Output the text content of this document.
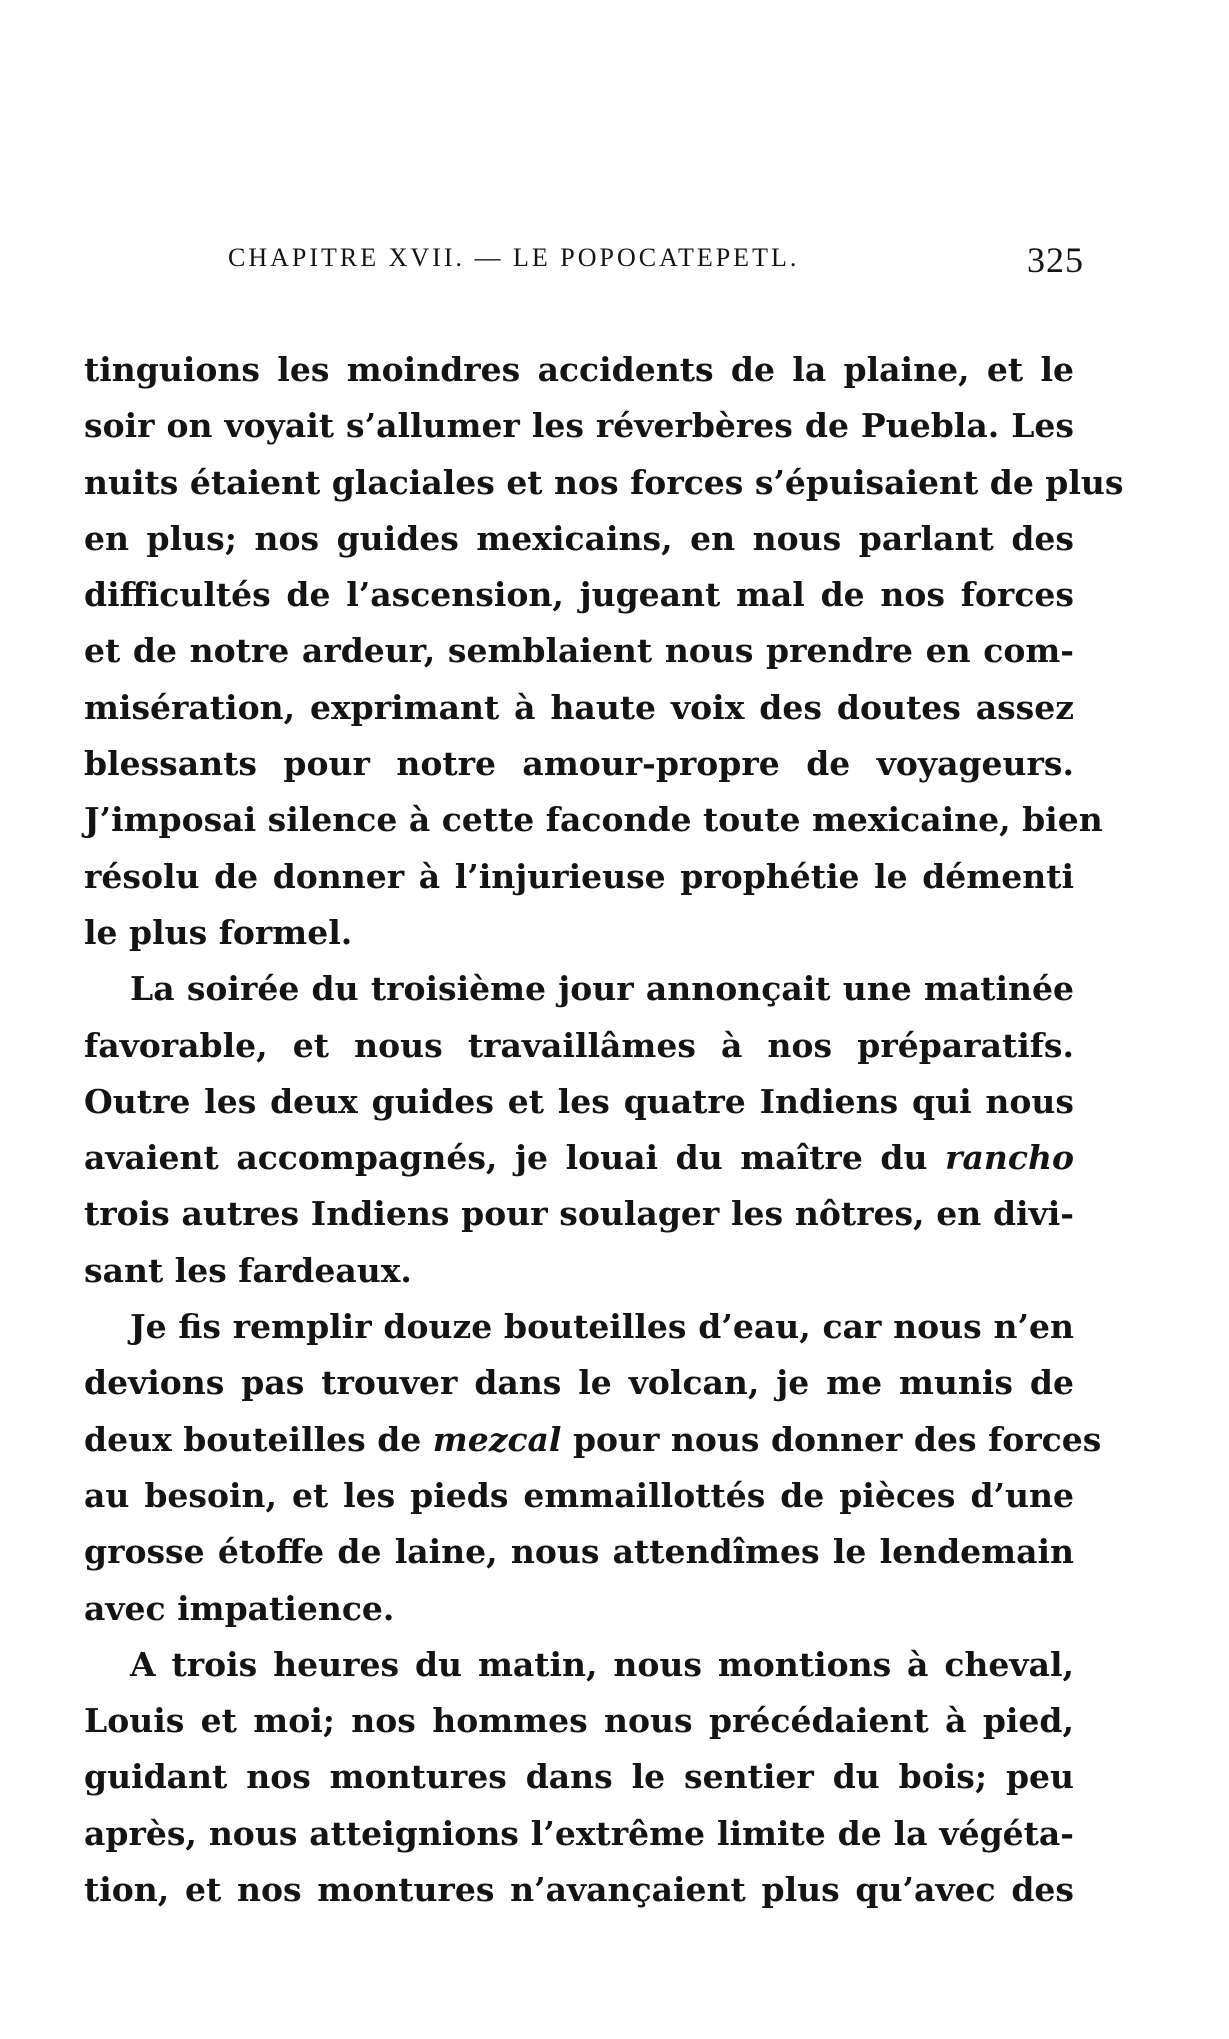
CHAPITRE XVII. — LE POPOCATEPETL.	325
tinguions les moindres accidents de la plaine, et le
soir on voyait s’allumer les réverbères de Puebla. Les
nuits étaient glaciales et nos forces s’épuisaient de plus
en plus; nos guides mexicains, en nous parlant des
difficultés de l’ascension, jugeant mal de nos forces
et de notre ardeur, semblaient nous prendre en com-
misération, exprimant à haute voix des doutes assez
blessants pour notre amour-propre de voyageurs.
J’imposai silence à cette faconde toute mexicaine, bien
résolu de donner à l’injurieuse prophétie le démenti
le plus formel.
La soirée du troisième jour annonçait une matinée
favorable, et nous travaillâmes à nos préparatifs.
Outre les deux guides et les quatre Indiens qui nous
avaient accompagnés, je louai du maître du rancho
trois autres Indiens pour soulager les nôtres, en divi-
sant les fardeaux.
Je fis remplir douze bouteilles d’eau, car nous n’en
devions pas trouver dans le volcan, je me munis de
deux bouteilles de mezcal pour nous donner des forces
au besoin, et les pieds emmaillottés de pièces d’une
grosse étoffe de laine, nous attendîmes le lendemain
avec impatience.
A trois heures du matin, nous montions à cheval,
Louis et moi; nos hommes nous précédaient à pied,
guidant nos montures dans le sentier du bois; peu
après, nous atteignions l’extrême limite de la végéta-
tion, et nos montures n’avançaient plus qu’avec des
